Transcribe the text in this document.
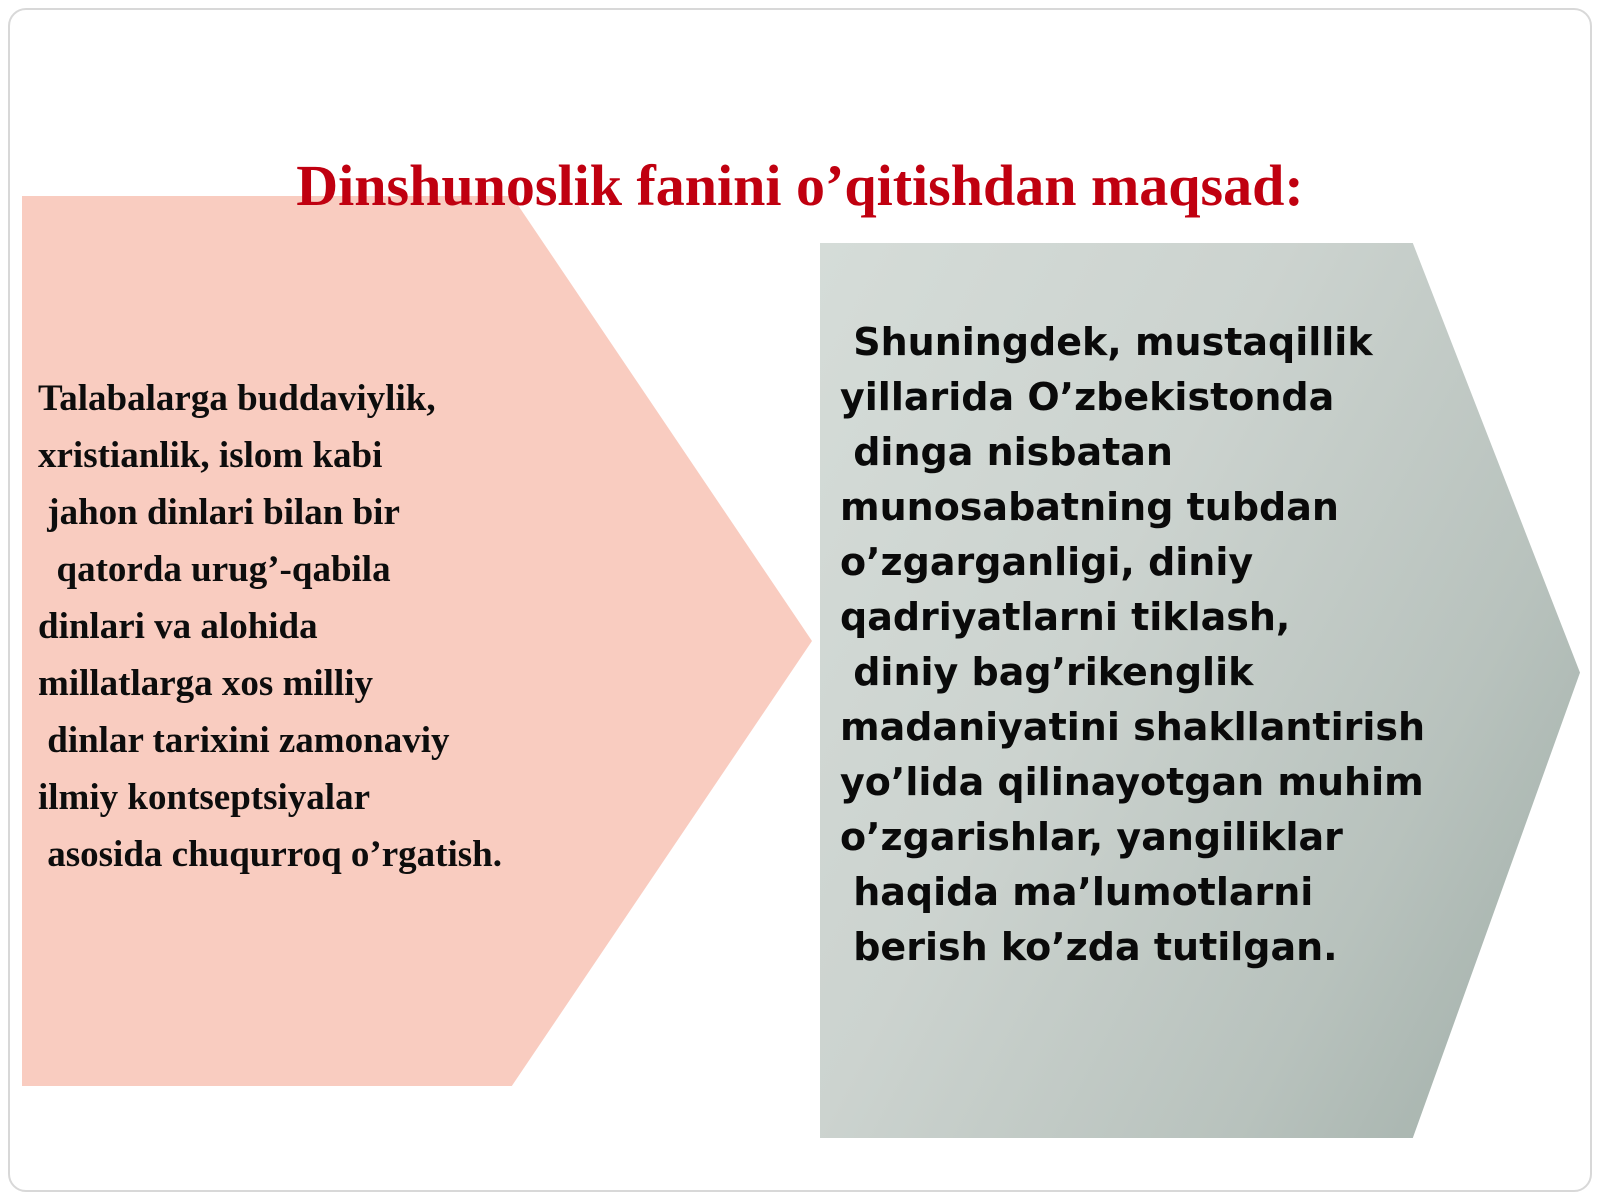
Dinshunoslik fanini o’qitishdan maqsad:
Talabalarga buddaviylik,
xristianlik, islom kabi
jahon dinlari bilan bir
qatorda urug’-qabila
dinlari va alohida
millatlarga xos milliy
dinlar tarixini zamonaviy
ilmiy kontseptsiyalar
asosida chuqurroq o’rgatish.
Shuningdek, mustaqillik
yillarida O’zbekistonda
dinga nisbatan
munosabatning tubdan
o’zgarganligi, diniy
qadriyatlarni tiklash,
diniy bag’rikenglik
madaniyatini shakllantirish
yo’lida qilinayotgan muhim
o’zgarishlar, yangiliklar
haqida ma’lumotlarni
berish ko’zda tutilgan.
